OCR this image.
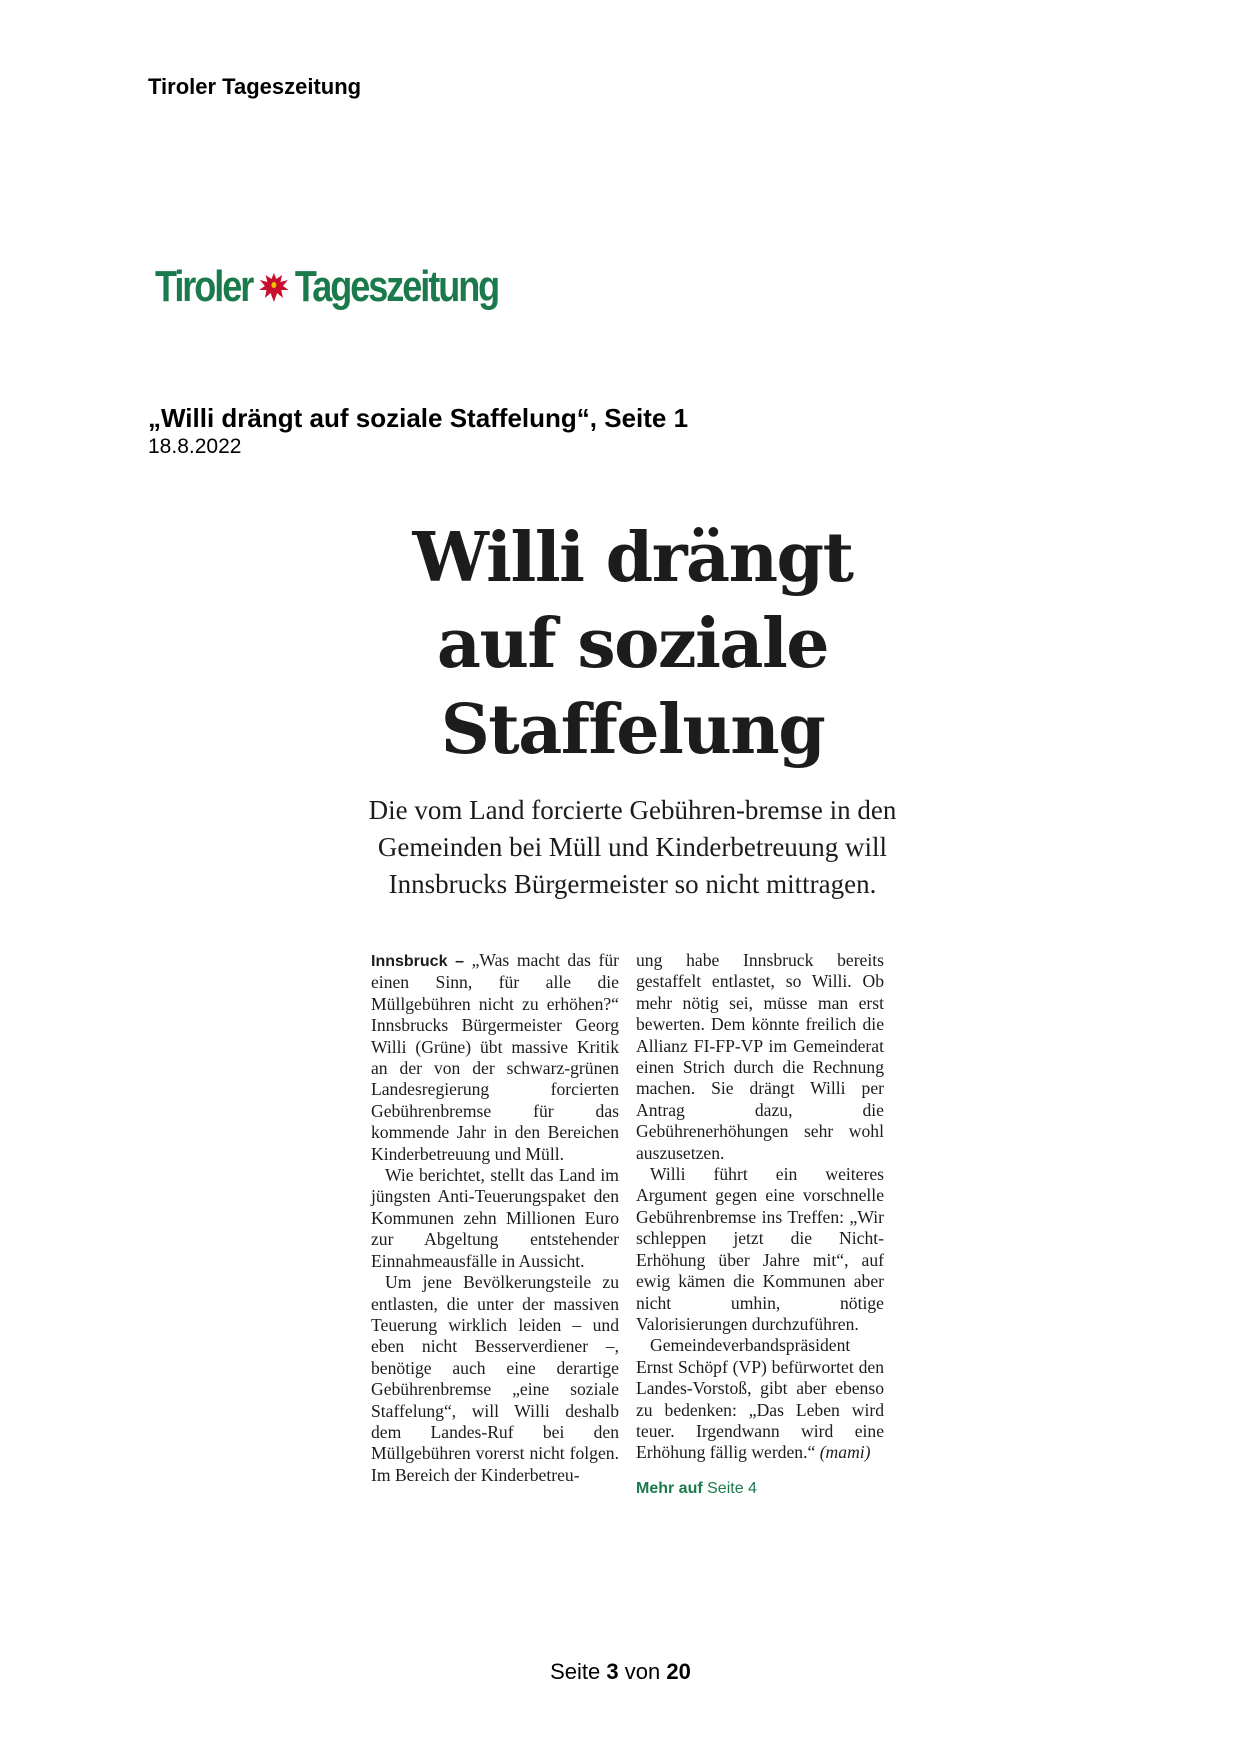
Tiroler Tageszeitung
Tiroler Tageszeitung
„Willi drängt auf soziale Staffelung“, Seite 1
18.8.2022
Willi drängt
auf soziale
Staffelung
Die vom Land forcierte Gebühren-bremse in den Gemeinden bei Müll und Kinderbetreuung will Innsbrucks Bürgermeister so nicht mittragen.

Innsbruck – „Was macht das für einen Sinn, für alle die Müllgebühren nicht zu erhöhen?“ Innsbrucks Bürgermeister Georg Willi (Grüne) übt massive Kritik an der von der schwarz-grünen Landesregierung forcierten Gebührenbremse für das kommende Jahr in den Bereichen Kinderbetreuung und Müll.

Wie berichtet, stellt das Land im jüngsten Anti-Teuerungspaket den Kommunen zehn Millionen Euro zur Abgeltung entstehender Einnahmeausfälle in Aussicht.

Um jene Bevölkerungsteile zu entlasten, die unter der massiven Teuerung wirklich leiden – und eben nicht Besserverdiener –, benötige auch eine derartige Gebührenbremse „eine soziale Staffelung“, will Willi deshalb dem Landes-Ruf bei den Müllgebühren vorerst nicht folgen. Im Bereich der Kinderbetreu-

ung habe Innsbruck bereits gestaffelt entlastet, so Willi. Ob mehr nötig sei, müsse man erst bewerten. Dem könnte freilich die Allianz FI-FP-VP im Gemeinderat einen Strich durch die Rechnung machen. Sie drängt Willi per Antrag dazu, die Gebührenerhöhungen sehr wohl auszusetzen.

Willi führt ein weiteres Argument gegen eine vorschnelle Gebührenbremse ins Treffen: „Wir schleppen jetzt die Nicht-Erhöhung über Jahre mit“, auf ewig kämen die Kommunen aber nicht umhin, nötige Valorisierungen durchzuführen.

Gemeindeverbandspräsident Ernst Schöpf (VP) befürwortet den Landes-Vorstoß, gibt aber ebenso zu bedenken: „Das Leben wird teuer. Irgendwann wird eine Erhöhung fällig werden.“ (mami)

Mehr auf Seite 4
Seite 3 von 20
